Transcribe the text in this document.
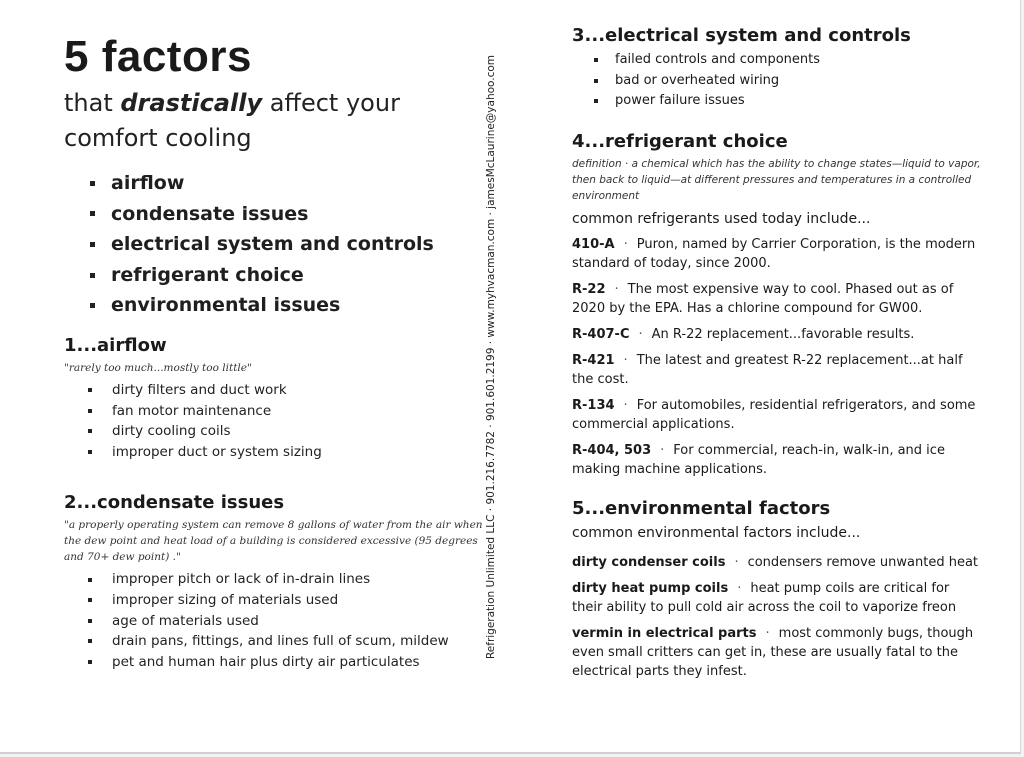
5 factors

that drastically affect your comfort cooling

airflow
condensate issues
electrical system and controls
refrigerant choice
environmental issues
1...airflow

"rarely too much...mostly too little"

dirty filters and duct work
fan motor maintenance
dirty cooling coils
improper duct or system sizing
2...condensate issues

"a properly operating system can remove 8 gallons of water from the air when the dew point and heat load of a building is considered excessive (95 degrees and 70+ dew point) ."

improper pitch or lack of in-drain lines
improper sizing of materials used
age of materials used
drain pans, fittings, and lines full of scum, mildew
pet and human hair plus dirty air particulates
Refrigeration Unlimited LLC · 901.216.7782 · 901.601.2199 · www.myhvacman.com · jamesMcLaurine@yahoo.com
3...electrical system and controls
failed controls and components
bad or overheated wiring
power failure issues
4...refrigerant choice

definition · a chemical which has the ability to change states—liquid to vapor, then back to liquid—at different pressures and temperatures in a controlled environment

common refrigerants used today include...

410-A · Puron, named by Carrier Corporation, is the modern standard of today, since 2000.

R-22 · The most expensive way to cool. Phased out as of 2020 by the EPA. Has a chlorine compound for GW00.

R-407-C · An R-22 replacement...favorable results.

R-421 · The latest and greatest R-22 replacement...at half the cost.

R-134 · For automobiles, residential refrigerators, and some commercial applications.

R-404, 503 · For commercial, reach-in, walk-in, and ice making machine applications.

5...environmental factors

common environmental factors include...

dirty condenser coils · condensers remove unwanted heat

dirty heat pump coils · heat pump coils are critical for their ability to pull cold air across the coil to vaporize freon

vermin in electrical parts · most commonly bugs, though even small critters can get in, these are usually fatal to the electrical parts they infest.
